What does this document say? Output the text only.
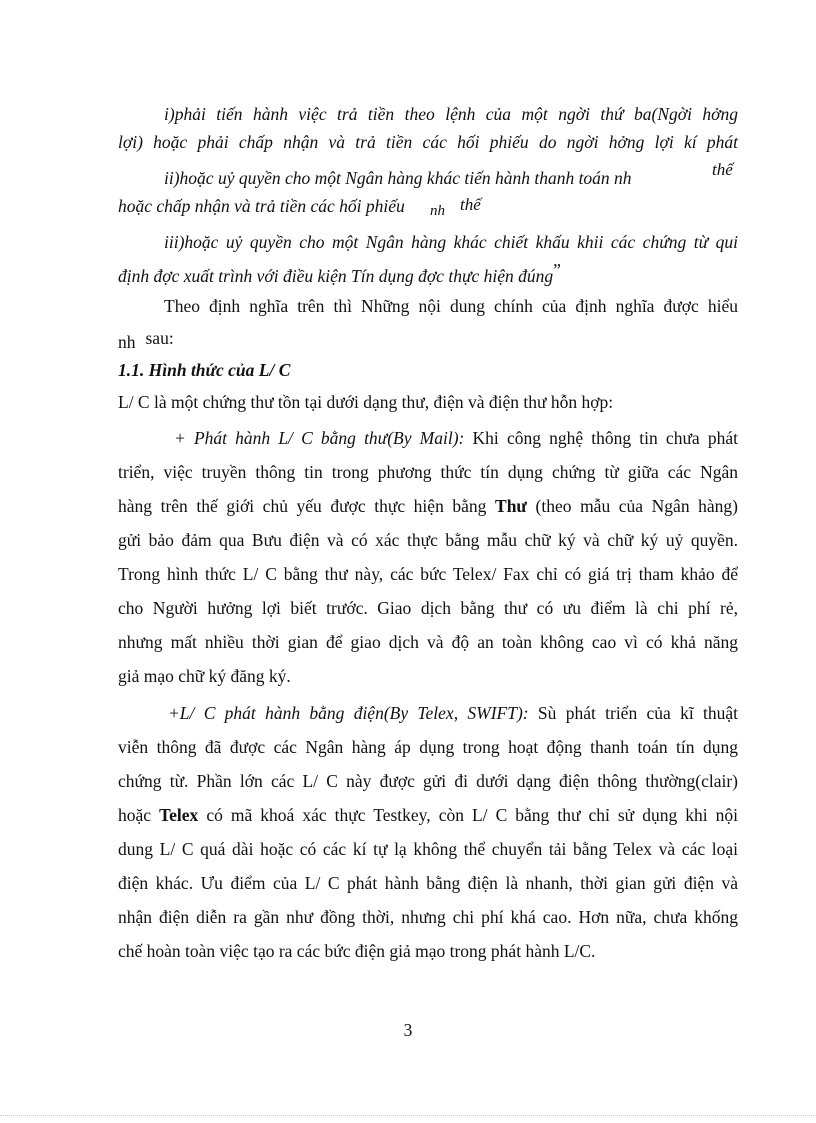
i)phải tiến hành việc trả tiền theo lệnh của một ngời thứ ba(Ngời hởng
lợi) hoặc phải chấp nhận và trả tiền các hối phiếu do ngời hởng lợi kí phát
ii)hoặc uỷ quyền cho một Ngân hàng khác tiến hành thanh toán nh	thế
hoặc chấp nhận và trả tiền các hối phiếu	nh thế
iii)hoặc uỷ quyền cho một Ngân hàng khác chiết khấu khii các chứng từ qui
định đợc xuất trình với điều kiện Tín dụng đợc thực hiện đúng”
Theo định nghĩa trên thì Những nội dung chính của định nghĩa được hiểu
nh sau:
1.1. Hình thức của L/ C
L/ C là một chứng thư tồn tại dưới dạng thư, điện và điện thư hỗn hợp:
+ Phát hành L/ C bằng thư(By Mail): Khi công nghệ thông tin chưa phát
triển, việc truyền thông tin trong phương thức tín dụng chứng từ giữa các Ngân
hàng trên thế giới chủ yếu được thực hiện bằng Thư (theo mẫu của Ngân hàng)
gửi bảo đảm qua Bưu điện và có xác thực bằng mẫu chữ ký và chữ ký uỷ quyền.
Trong hình thức L/ C bằng thư này, các bức Telex/ Fax chỉ có giá trị tham khảo để
cho Người hưởng lợi biết trước. Giao dịch bằng thư có ưu điểm là chi phí rẻ,
nhưng mất nhiều thời gian để giao dịch và độ an toàn không cao vì có khả năng
giả mạo chữ ký đăng ký.
+L/ C phát hành bằng điện(By Telex, SWIFT): Sù phát triển của kĩ thuật
viễn thông đã được các Ngân hàng áp dụng trong hoạt động thanh toán tín dụng
chứng từ. Phần lớn các L/ C này được gửi đi dưới dạng điện thông thường(clair)
hoặc Telex có mã khoá xác thực Testkey, còn L/ C bằng thư chỉ sử dụng khi nội
dung L/ C quá dài hoặc có các kí tự lạ không thể chuyển tải bằng Telex và các loại
điện khác. Ưu điểm của L/ C phát hành bằng điện là nhanh, thời gian gửi điện và
nhận điện diễn ra gần như đồng thời, nhưng chi phí khá cao. Hơn nữa, chưa khống
chế hoàn toàn việc tạo ra các bức điện giả mạo trong phát hành L/C.
3
